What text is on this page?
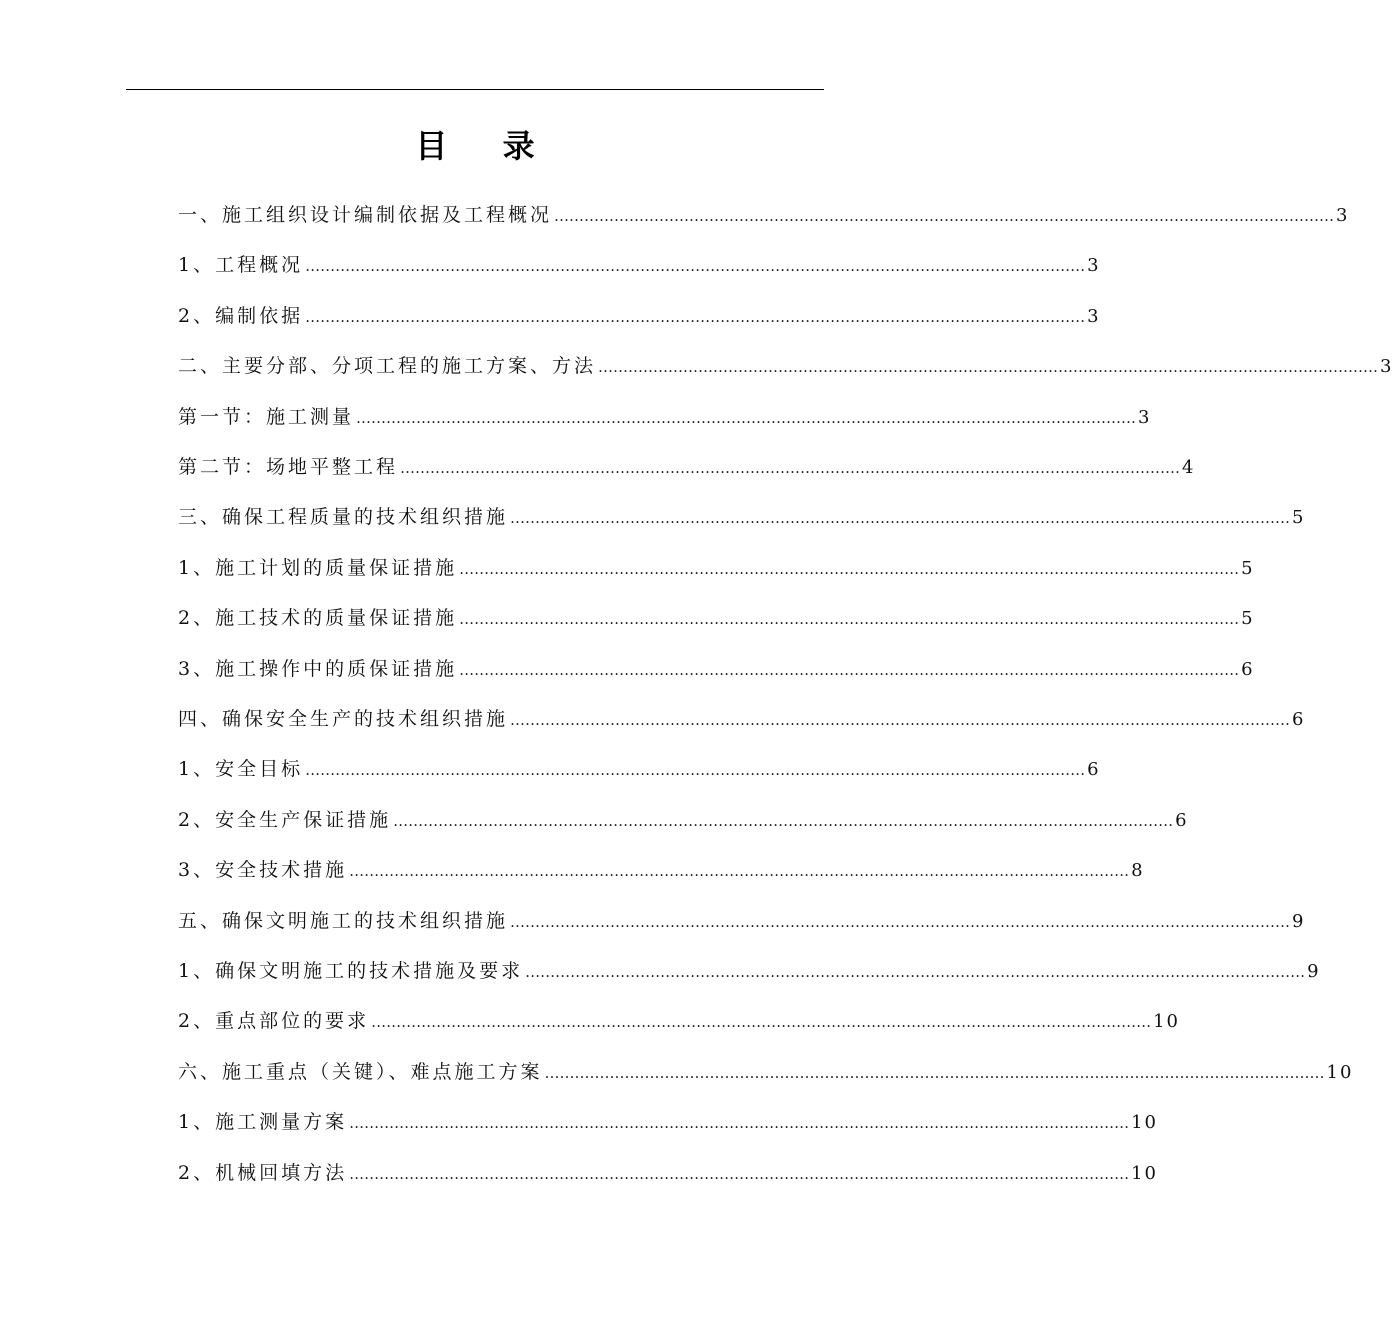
目 录
一、施工组织设计编制依据及工程概况 ………………………………………………………………………………………………………………………………………… 3
1、工程概况 ………………………………………………………………………………………………………………………………………… 3
2、编制依据 ………………………………………………………………………………………………………………………………………… 3
二、主要分部、分项工程的施工方案、方法 ………………………………………………………………………………………………………………………………………… 3
第一节：施工测量 ………………………………………………………………………………………………………………………………………… 3
第二节：场地平整工程 ………………………………………………………………………………………………………………………………………… 4
三、确保工程质量的技术组织措施 ………………………………………………………………………………………………………………………………………… 5
1、施工计划的质量保证措施 ………………………………………………………………………………………………………………………………………… 5
2、施工技术的质量保证措施 ………………………………………………………………………………………………………………………………………… 5
3、施工操作中的质保证措施 ………………………………………………………………………………………………………………………………………… 6
四、确保安全生产的技术组织措施 ………………………………………………………………………………………………………………………………………… 6
1、安全目标 ………………………………………………………………………………………………………………………………………… 6
2、安全生产保证措施 ………………………………………………………………………………………………………………………………………… 6
3、安全技术措施 ………………………………………………………………………………………………………………………………………… 8
五、确保文明施工的技术组织措施 ………………………………………………………………………………………………………………………………………… 9
1、确保文明施工的技术措施及要求 ………………………………………………………………………………………………………………………………………… 9
2、重点部位的要求 ………………………………………………………………………………………………………………………………………… 10
六、施工重点（关键）、难点施工方案 ………………………………………………………………………………………………………………………………………… 10
1、施工测量方案 ………………………………………………………………………………………………………………………………………… 10
2、机械回填方法 ………………………………………………………………………………………………………………………………………… 10
